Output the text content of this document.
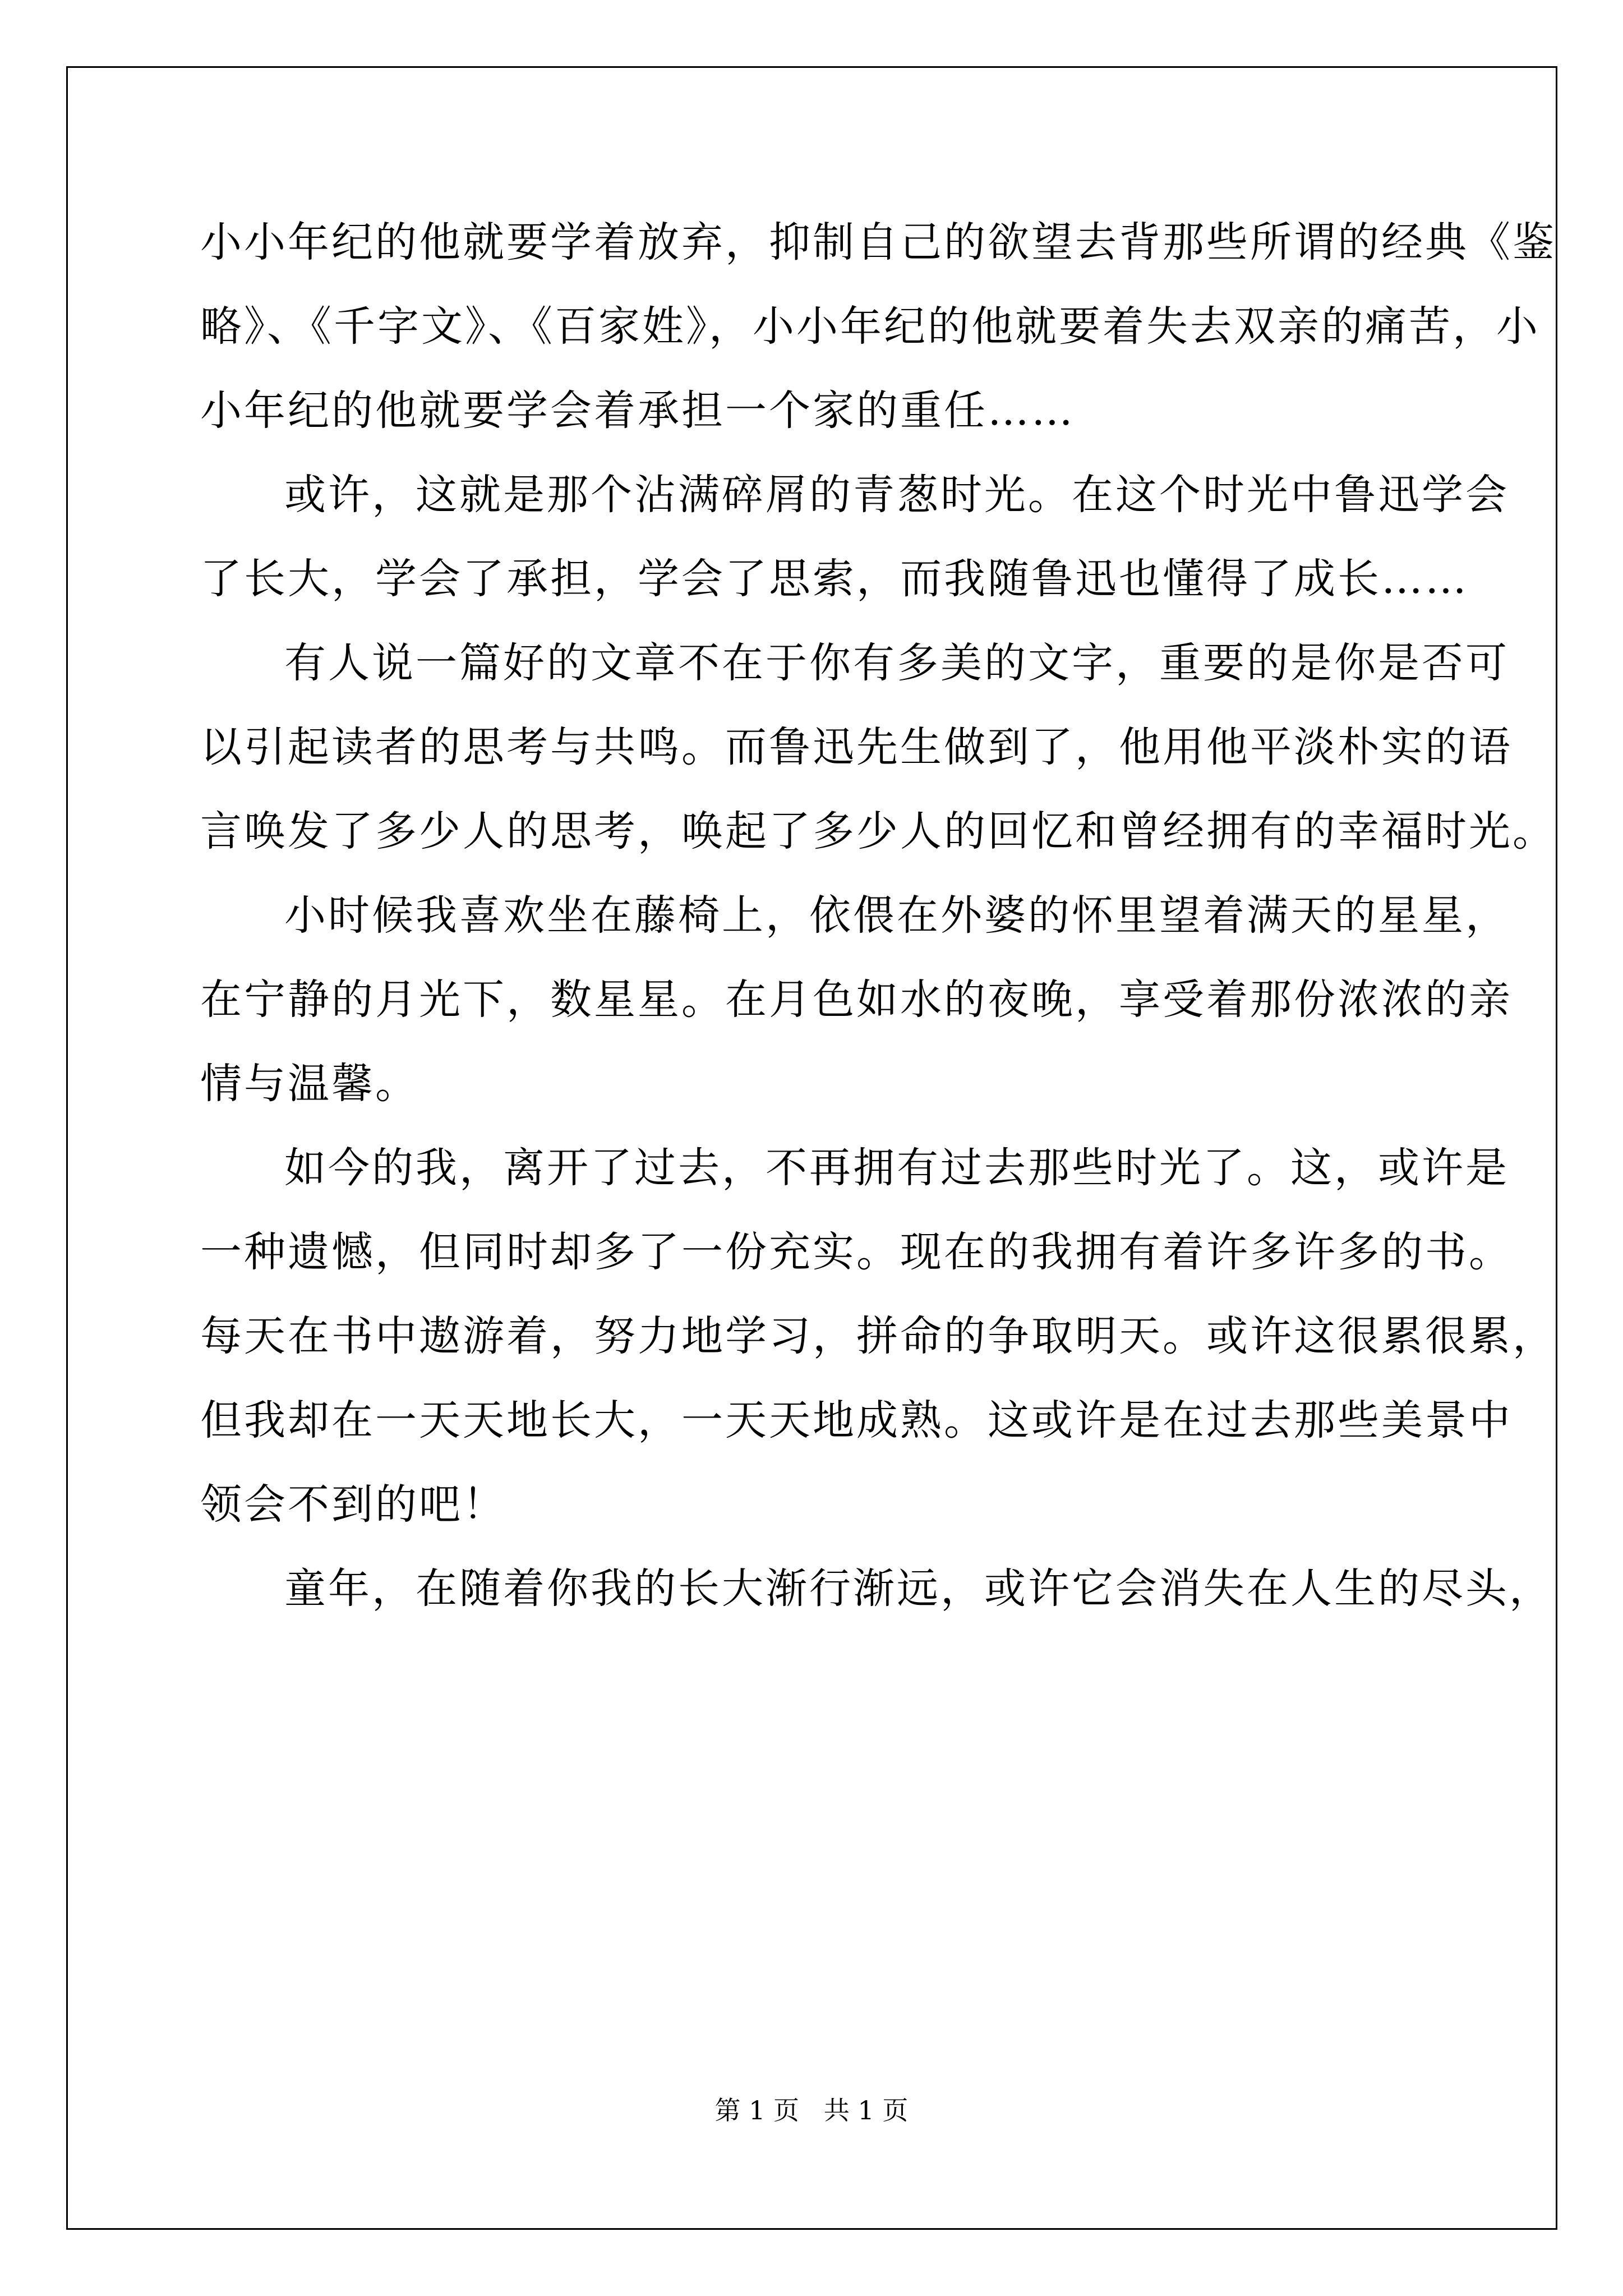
小小年纪的他就要学着放弃，抑制自己的欲望去背那些所谓的经典《鉴
略》、《千字文》、《百家姓》，小小年纪的他就要着失去双亲的痛苦，小
小年纪的他就要学会着承担一个家的重任……
或许，这就是那个沾满碎屑的青葱时光。在这个时光中鲁迅学会
了长大，学会了承担，学会了思索，而我随鲁迅也懂得了成长……
有人说一篇好的文章不在于你有多美的文字，重要的是你是否可
以引起读者的思考与共鸣。而鲁迅先生做到了，他用他平淡朴实的语
言唤发了多少人的思考，唤起了多少人的回忆和曾经拥有的幸福时光。
小时候我喜欢坐在藤椅上，依偎在外婆的怀里望着满天的星星，
在宁静的月光下，数星星。在月色如水的夜晚，享受着那份浓浓的亲
情与温馨。
如今的我，离开了过去，不再拥有过去那些时光了。这，或许是
一种遗憾，但同时却多了一份充实。现在的我拥有着许多许多的书。
每天在书中遨游着，努力地学习，拼命的争取明天。或许这很累很累，
但我却在一天天地长大，一天天地成熟。这或许是在过去那些美景中
领会不到的吧！
童年，在随着你我的长大渐行渐远，或许它会消失在人生的尽头，
第 1 页   共 1 页
